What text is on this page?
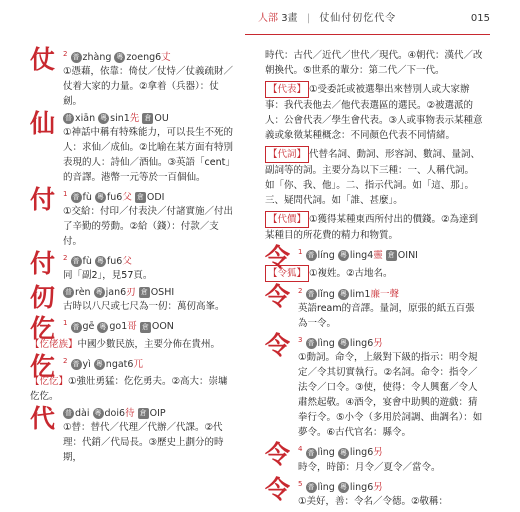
人部 3畫 | 仗仙付仞仡代令	015
仗 $^2$ 普 zhàng 粵 zoeng6丈
①憑藉，依靠：倚仗／仗恃／仗義疏財／仗着大家的力量。②拿着（兵器）：仗劍。
仙 普 xiān 粵 sin1先 倉 OU
①神話中稱有特殊能力，可以長生不死的人：求仙／成仙。②比喻在某方面有特別表現的人：詩仙／酒仙。③英語「cent」的音譯。港幣一元等於一百個仙。
付 $^1$ 普 fù 粵 fu6父 倉 ODI
①交給：付印／付表決／付諸實施／付出了辛勤的勞動。②給（錢）：付款／支付。
付 $^2$ 普 fù 粵 fu6父
同「副2」，見57頁。
仞 普 rèn 粵 jan6刃 倉 OSHI
古時以八尺或七尺為一仞：萬仞高峯。
仡 $^1$ 普 gē 粵 go1哥 倉 OON
【仡佬族】中國少數民族，主要分佈在貴州。
仡 $^2$ 普 yì 粵 ngat6兀
【仡仡】①強壯勇猛：仡仡勇夫。②高大：崇墉仡仡。
代 普 dài 粵 doi6待 倉 OIP
①替：替代／代理／代辦／代課。②代理：代銷／代局長。③歷史上劃分的時期，
時代：古代／近代／世代／現代。④朝代：漢代／改朝換代。⑤世系的輩分：第二代／下一代。
【代表】 ①受委託或被選舉出來替別人或大家辦事：我代表他去／他代表選區的選民。②被選派的人：公會代表／學生會代表。③人或事物表示某種意義或象徵某種概念：不同顏色代表不同情緒。
【代詞】 代替名詞、動詞、形容詞、數詞、量詞、副詞等的詞。主要分為以下三種：一、人稱代詞。如「你、我、他」。二、指示代詞。如「這、那」。三、疑問代詞。如「誰、甚麼」。
【代價】 ①獲得某種東西所付出的價錢。②為達到某種目的所花費的精力和物質。
令 $^1$ 普 líng 粵 ling4靈 倉 OINI
【令狐】 ①複姓。②古地名。
令 $^2$ 普 lǐng 粵 lim1廉一聲
英語ream的音譯。量詞，原張的紙五百張為一令。
令 $^3$ 普 lìng 粵 ling6另
①動詞。命令，上級對下級的指示：明令規定／令其切實執行。②名詞。命令：指令／法令／口令。③使，使得：令人興奮／令人肅然起敬。④酒令，宴會中助興的遊戲：猜拳行令。⑤小令（多用於詞調、曲調名）：如夢令。⑥古代官名：縣令。
令 $^4$ 普 lìng 粵 ling6另
時令，時節：月令／夏令／當令。
令 $^5$ 普 lìng 粵 ling6另
①美好，善：令名／令德。②敬稱：
